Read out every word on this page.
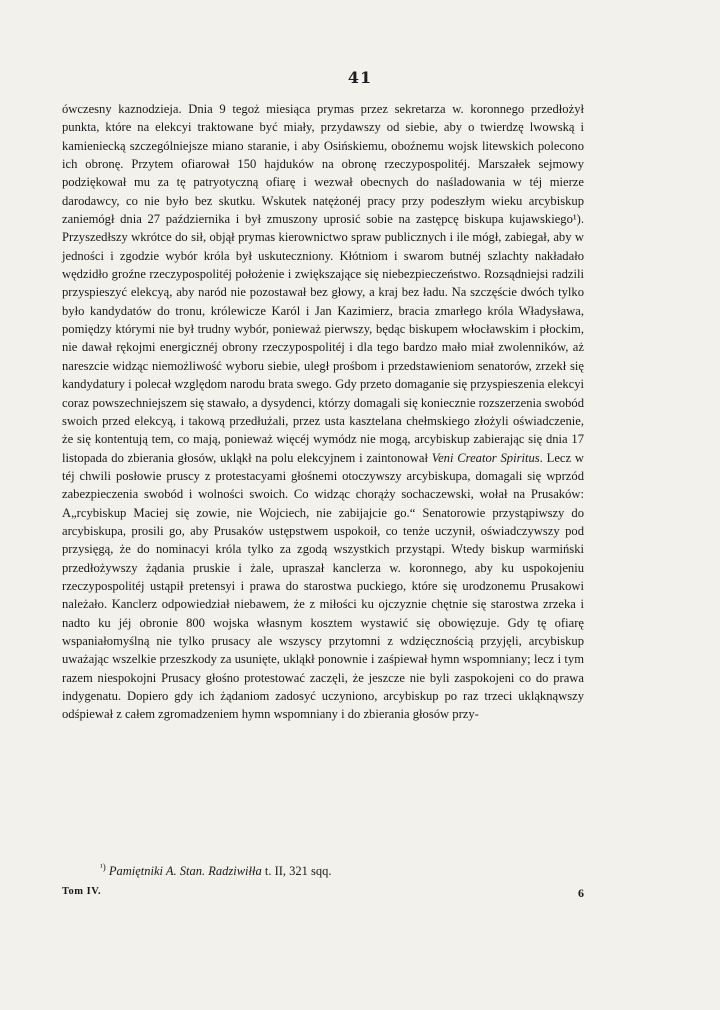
41

ówczesny kaznodzieja. Dnia 9 tegoż miesiąca prymas przez sekretarza w. koronnego przedłożył punkta, które na elekcyi traktowane być miały, przydawszy od siebie, aby o twierdzę lwowską i kamieniecką szczególniejsze miano staranie, i aby Osińskiemu, oboźnemu wojsk litewskich polecono ich obronę. Przytem ofiarował 150 hajduków na obronę rzeczypospolitéj. Marszałek sejmowy podziękował mu za tę patryotyczną ofiarę i wezwał obecnych do naśladowania w téj mierze darodawcy, co nie było bez skutku. Wskutek natężonéj pracy przy podeszłym wieku arcybiskup zaniemógł dnia 27 października i był zmuszony uprosić sobie na zastępcę biskupa kujawskiego¹). Przyszedłszy wkrótce do sił, objął prymas kierownictwo spraw publicznych i ile mógł, zabiegał, aby w jedności i zgodzie wybór króla był uskuteczniony. Kłótniom i swarom butnéj szlachty nakładało wędzidło groźne rzeczypospolitéj położenie i zwiększające się niebezpieczeństwo. Rozsądniejsi radzili przyspieszyć elekcyą, aby naród nie pozostawał bez głowy, a kraj bez ładu. Na szczęście dwóch tylko było kandydatów do tronu, królewicze Karól i Jan Kazimierz, bracia zmarłego króla Władysława, pomiędzy którymi nie był trudny wybór, ponieważ pierwszy, będąc biskupem włocławskim i płockim, nie dawał rękojmi energicznéj obrony rzeczypospolitéj i dla tego bardzo mało miał zwolenników, aż nareszcie widząc niemożliwość wyboru siebie, uległ prośbom i przedstawieniom senatorów, zrzekł się kandydatury i polecał względom narodu brata swego. Gdy przeto domaganie się przyspieszenia elekcyi coraz powszechniejszem się stawało, a dysydenci, którzy domagali się koniecznie rozszerzenia swobód swoich przed elekcyą, i takową przedłużali, przez usta kasztelana chełmskiego złożyli oświadczenie, że się kontentują tem, co mają, ponieważ więcéj wymódz nie mogą, arcybiskup zabierając się dnia 17 listopada do zbierania głosów, ukląkł na polu elekcyjnem i zaintonował Veni Creator Spiritus. Lecz w téj chwili posłowie pruscy z protestacyami głośnemi otoczywszy arcybiskupa, domagali się wprzód zabezpieczenia swobód i wolności swoich. Co widząc chorąży sochaczewski, wołał na Prusaków: A„rcybiskup Maciej się zowie, nie Wojciech, nie zabijajcie go.“ Senatorowie przystąpiwszy do arcybiskupa, prosili go, aby Prusaków ustępstwem uspokoił, co tenże uczynił, oświadczywszy pod przysięgą, że do nominacyi króla tylko za zgodą wszystkich przystąpi. Wtedy biskup warmiński przedłożywszy żądania pruskie i żale, upraszał kanclerza w. koronnego, aby ku uspokojeniu rzeczypospolitéj ustąpił pretensyi i prawa do starostwa puckiego, które się urodzonemu Prusakowi należało. Kanclerz odpowiedział niebawem, że z miłości ku ojczyznie chętnie się starostwa zrzeka i nadto ku jéj obronie 800 wojska własnym kosztem wystawić się obowięzuje. Gdy tę ofiarę wspaniałomyślną nie tylko prusacy ale wszyscy przytomni z wdzięcznością przyjęli, arcybiskup uważając wszelkie przeszkody za usunięte, ukląkł ponownie i zaśpiewał hymn wspomniany; lecz i tym razem niespokojni Prusacy głośno protestować zaczęli, że jeszcze nie byli zaspokojeni co do prawa indygenatu. Dopiero gdy ich żądaniom zadosyć uczyniono, arcybiskup po raz trzeci ukląknąwszy odśpiewał z całem zgromadzeniem hymn wspomniany i do zbierania głosów przy-

$^{^1)}$ Pamiętniki A. Stan. Radziwiłła t. II, 321 sqq.
Tom IV.	6
